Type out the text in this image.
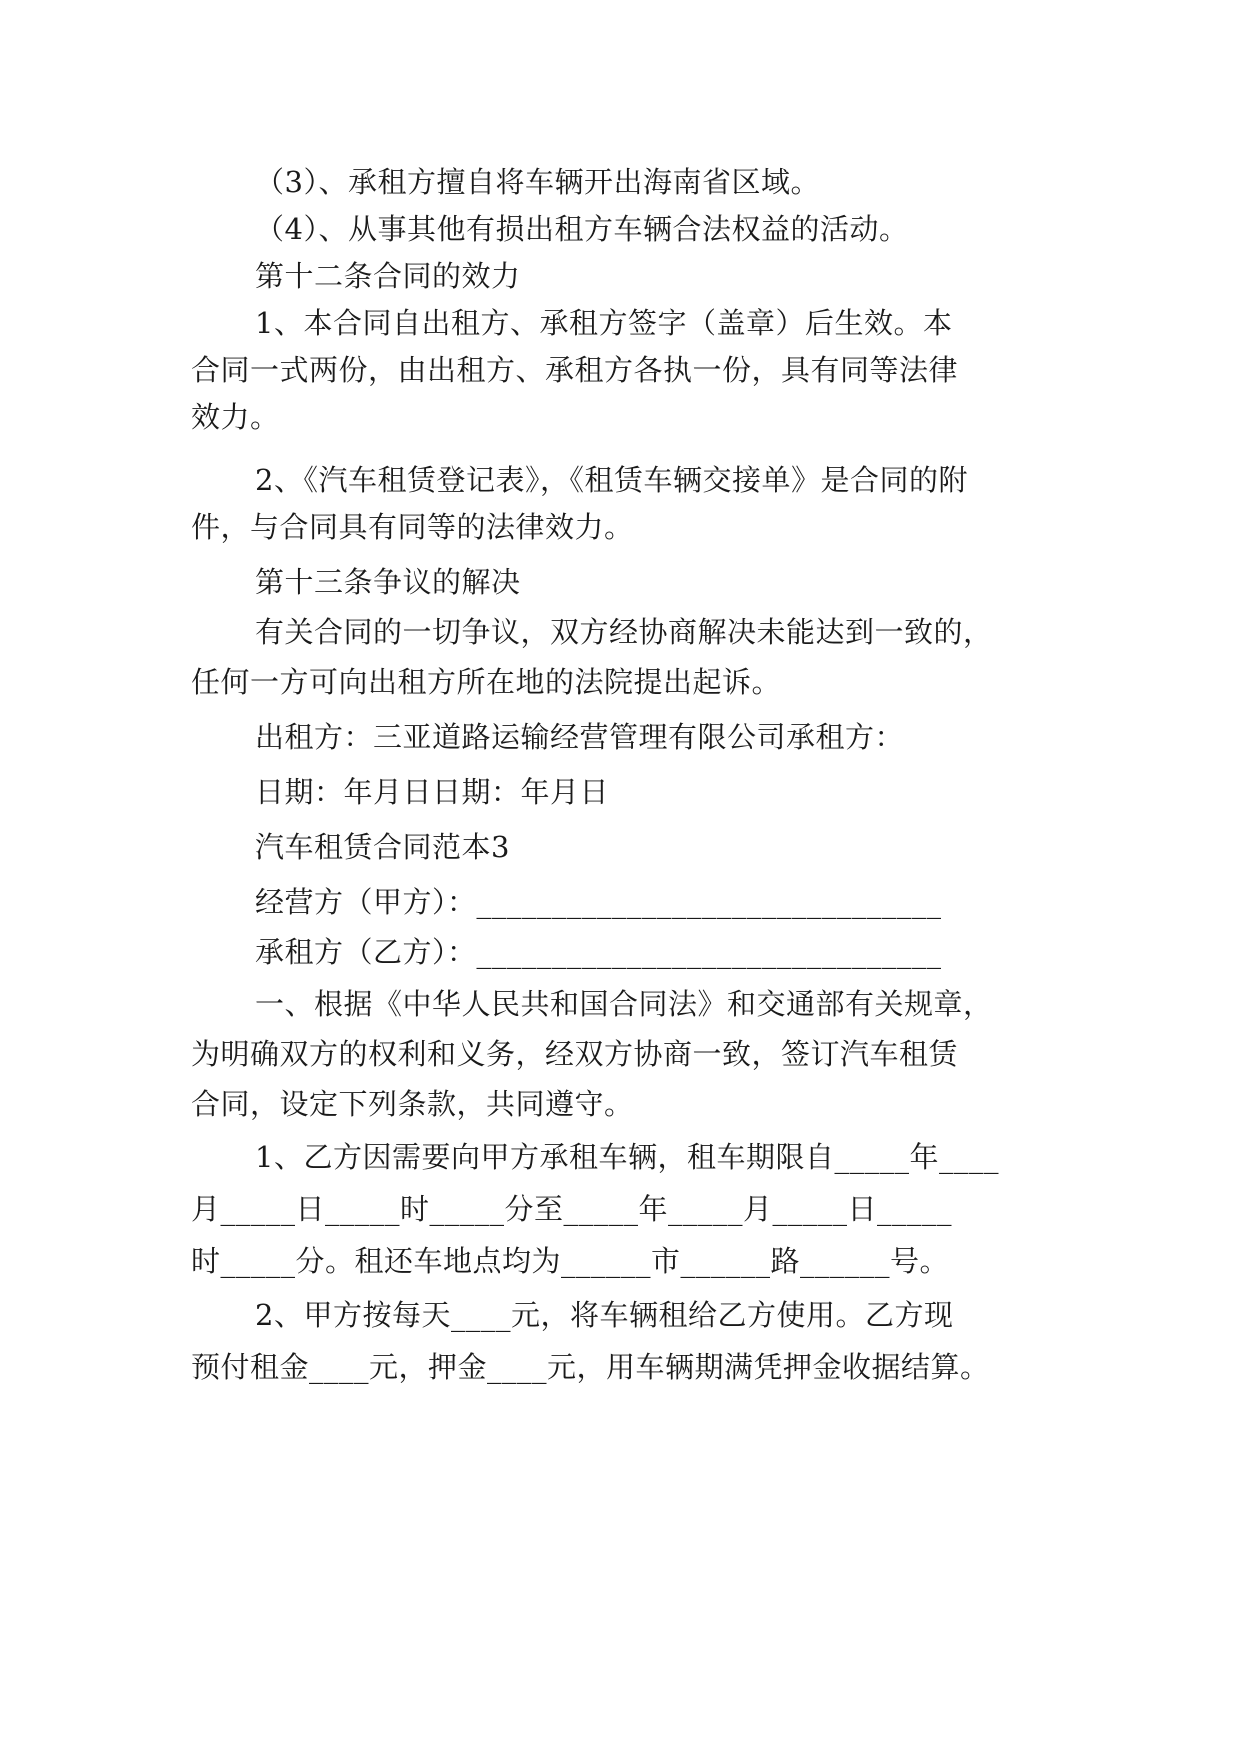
（3）、承租方擅自将车辆开出海南省区域。
（4）、从事其他有损出租方车辆合法权益的活动。
第十二条合同的效力
1、本合同自出租方、承租方签字（盖章）后生效。本
合同一式两份，由出租方、承租方各执一份，具有同等法律
效力。
2、《汽车租赁登记表》，《租赁车辆交接单》是合同的附
件，与合同具有同等的法律效力。
第十三条争议的解决
有关合同的一切争议，双方经协商解决未能达到一致的，
任何一方可向出租方所在地的法院提出起诉。
出租方：三亚道路运输经营管理有限公司承租方：
日期：年月日日期：年月日
汽车租赁合同范本3
经营方（甲方）：_______________________________
承租方（乙方）：_______________________________
一、根据《中华人民共和国合同法》和交通部有关规章，
为明确双方的权利和义务，经双方协商一致，签订汽车租赁
合同，设定下列条款，共同遵守。
1、乙方因需要向甲方承租车辆，租车期限自_____年____
月_____日_____时_____分至_____年_____月_____日_____
时_____分。租还车地点均为______市______路______号。
2、甲方按每天____元，将车辆租给乙方使用。乙方现
预付租金____元，押金____元，用车辆期满凭押金收据结算。
